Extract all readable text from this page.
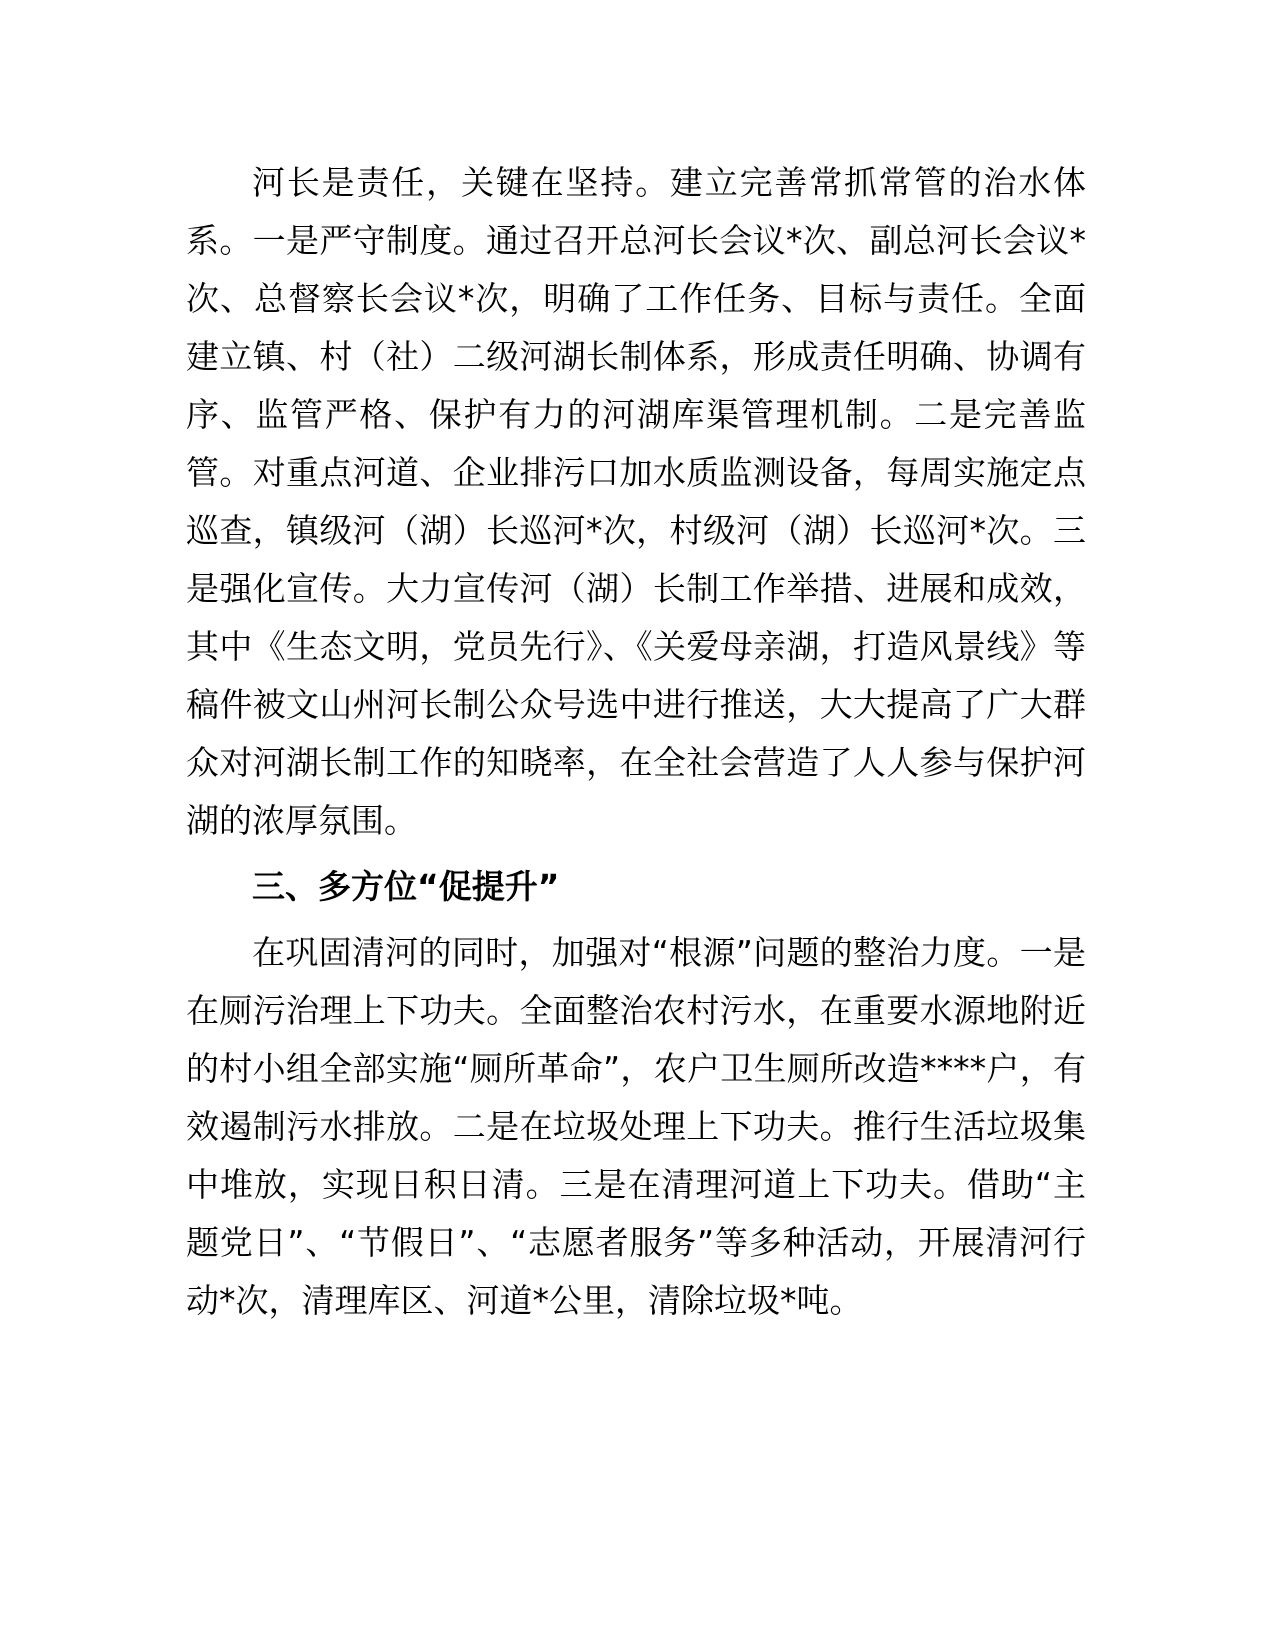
河长是责任，关键在坚持。建立完善常抓常管的治水体系。一是严守制度。通过召开总河长会议*次、副总河长会议*次、总督察长会议*次，明确了工作任务、目标与责任。全面建立镇、村（社）二级河湖长制体系，形成责任明确、协调有序、监管严格、保护有力的河湖库渠管理机制。二是完善监管。对重点河道、企业排污口加水质监测设备，每周实施定点巡查，镇级河（湖）长巡河*次，村级河（湖）长巡河*次。三是强化宣传。大力宣传河（湖）长制工作举措、进展和成效，其中《生态文明，党员先行》、《关爱母亲湖，打造风景线》等稿件被文山州河长制公众号选中进行推送，大大提高了广大群众对河湖长制工作的知晓率，在全社会营造了人人参与保护河湖的浓厚氛围。

三、多方位“促提升”

在巩固清河的同时，加强对“根源”问题的整治力度。一是在厕污治理上下功夫。全面整治农村污水，在重要水源地附近的村小组全部实施“厕所革命”，农户卫生厕所改造****户，有效遏制污水排放。二是在垃圾处理上下功夫。推行生活垃圾集中堆放，实现日积日清。三是在清理河道上下功夫。借助“主题党日”、“节假日”、“志愿者服务”等多种活动，开展清河行动*次，清理库区、河道*公里，清除垃圾*吨。
